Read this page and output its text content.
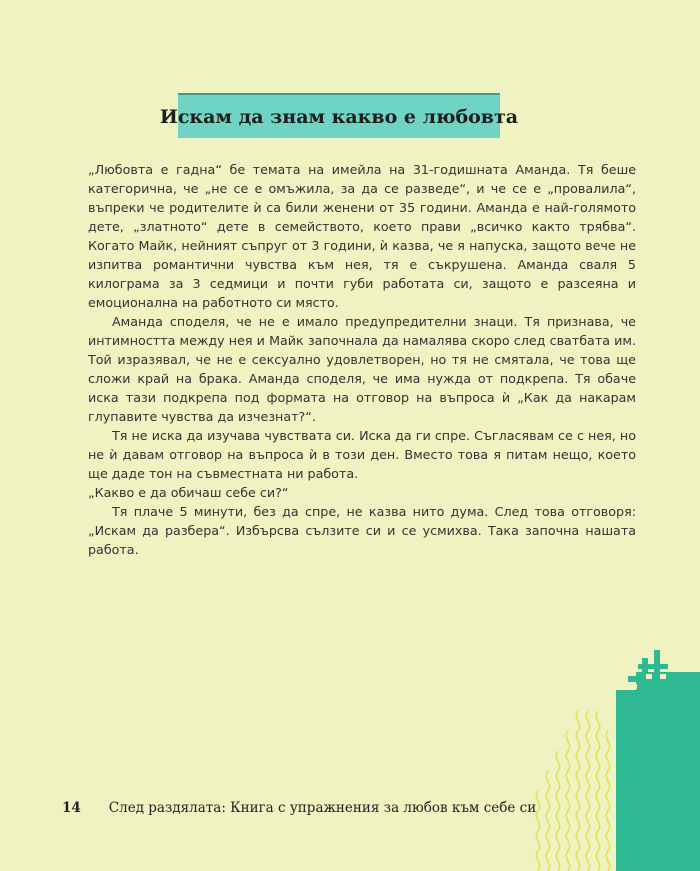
Искам да знам какво е любовта

„Любовта е гадна“ бе темата на имейла на 31-годишната Аманда. Тя беше категорична, че „не се е омъжила, за да се разведе“, и че се е „провалила“, въпреки че родителите ѝ са били женени от 35 години. Аманда е най-голямото дете, „златното“ дете в семейството, което прави „всичко както трябва“. Когато Майк, нейният съпруг от 3 години, ѝ казва, че я напуска, защото вече не изпитва романтични чувства към нея, тя е съкрушена. Аманда сваля 5 килограма за 3 седмици и почти губи работата си, защото е разсеяна и емоционална на работното си място.

Аманда споделя, че не е имало предупредителни знаци. Тя признава, че интимността между нея и Майк започнала да намалява скоро след сватбата им. Той изразявал, че не е сексуално удовлетворен, но тя не смятала, че това ще сложи край на брака. Аманда споделя, че има нужда от подкрепа. Тя обаче иска тази подкрепа под формата на отговор на въпроса ѝ „Как да накарам глупавите чувства да изчезнат?“.

Тя не иска да изучава чувствата си. Иска да ги спре. Съгласявам се с нея, но не ѝ давам отговор на въпроса ѝ в този ден. Вместо това я питам нещо, което ще даде тон на съвместната ни работа.

„Какво е да обичаш себе си?“

Тя плаче 5 минути, без да спре, не казва нито дума. След това отговоря: „Искам да разбера“. Избърсва сълзите си и се усмихва. Така започна нашата работа.

14 След раздялата: Книга с упражнения за любов към себе си
